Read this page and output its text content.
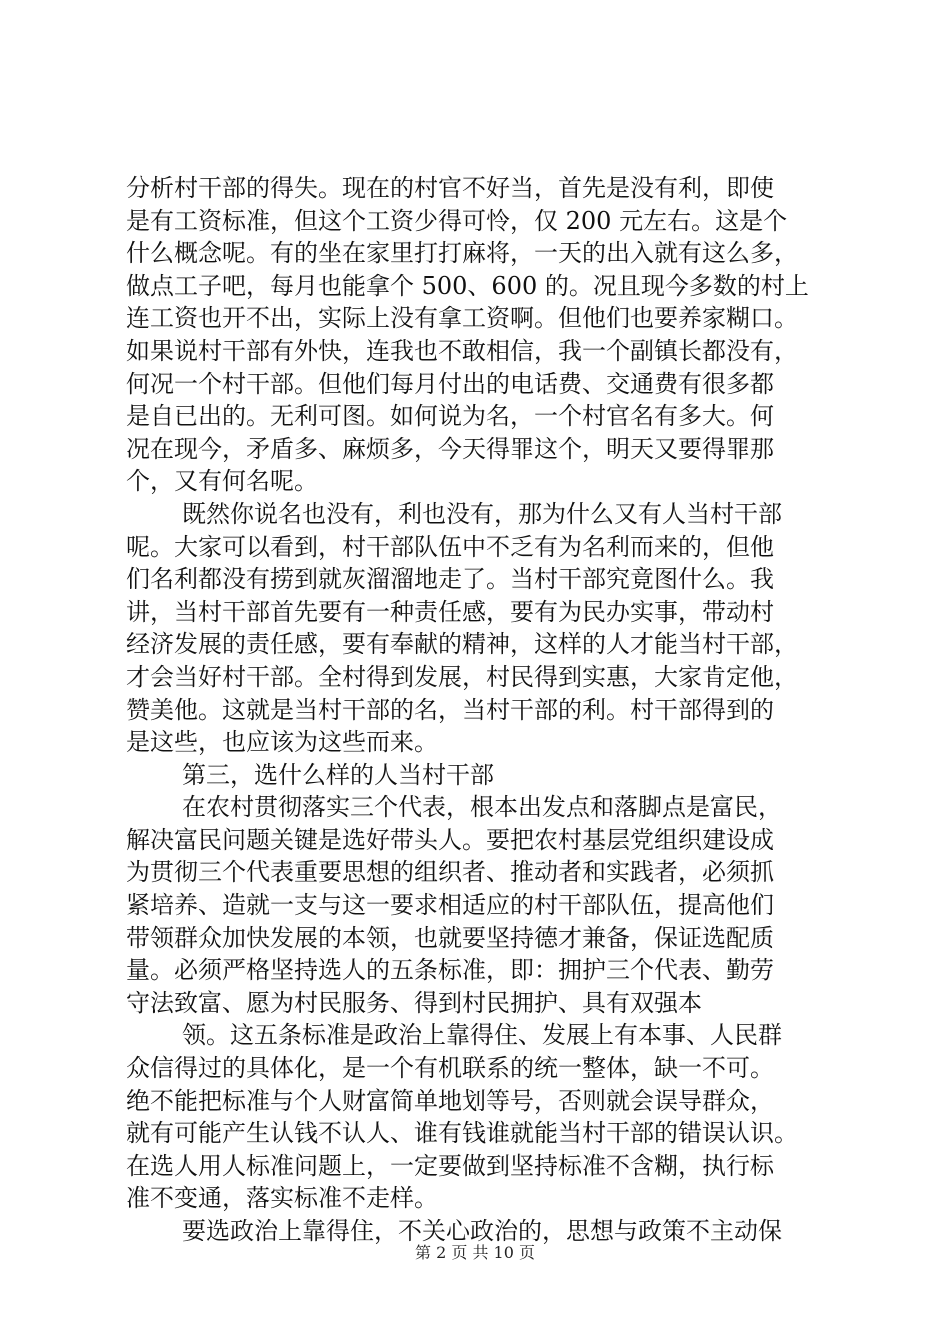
分析村干部的得失。现在的村官不好当，首先是没有利，即使
是有工资标准，但这个工资少得可怜，仅 200 元左右。这是个
什么概念呢。有的坐在家里打打麻将，一天的出入就有这么多，
做点工子吧，每月也能拿个 500、600 的。况且现今多数的村上
连工资也开不出，实际上没有拿工资啊。但他们也要养家糊口。
如果说村干部有外快，连我也不敢相信，我一个副镇长都没有，
何况一个村干部。但他们每月付出的电话费、交通费有很多都
是自已出的。无利可图。如何说为名，一个村官名有多大。何
况在现今，矛盾多、麻烦多，今天得罪这个，明天又要得罪那
个，又有何名呢。
既然你说名也没有，利也没有，那为什么又有人当村干部
呢。大家可以看到，村干部队伍中不乏有为名利而来的，但他
们名利都没有捞到就灰溜溜地走了。当村干部究竟图什么。我
讲，当村干部首先要有一种责任感，要有为民办实事，带动村
经济发展的责任感，要有奉献的精神，这样的人才能当村干部，
才会当好村干部。全村得到发展，村民得到实惠，大家肯定他，
赞美他。这就是当村干部的名，当村干部的利。村干部得到的
是这些，也应该为这些而来。
第三，选什么样的人当村干部
在农村贯彻落实三个代表，根本出发点和落脚点是富民，
解决富民问题关键是选好带头人。要把农村基层党组织建设成
为贯彻三个代表重要思想的组织者、推动者和实践者，必须抓
紧培养、造就一支与这一要求相适应的村干部队伍，提高他们
带领群众加快发展的本领，也就要坚持德才兼备，保证选配质
量。必须严格坚持选人的五条标准，即：拥护三个代表、勤劳
守法致富、愿为村民服务、得到村民拥护、具有双强本
领。这五条标准是政治上靠得住、发展上有本事、人民群
众信得过的具体化，是一个有机联系的统一整体，缺一不可。
绝不能把标准与个人财富简单地划等号，否则就会误导群众，
就有可能产生认钱不认人、谁有钱谁就能当村干部的错误认识。
在选人用人标准问题上，一定要做到坚持标准不含糊，执行标
准不变通，落实标准不走样。
要选政治上靠得住，不关心政治的，思想与政策不主动保
第 2 页 共 10 页
